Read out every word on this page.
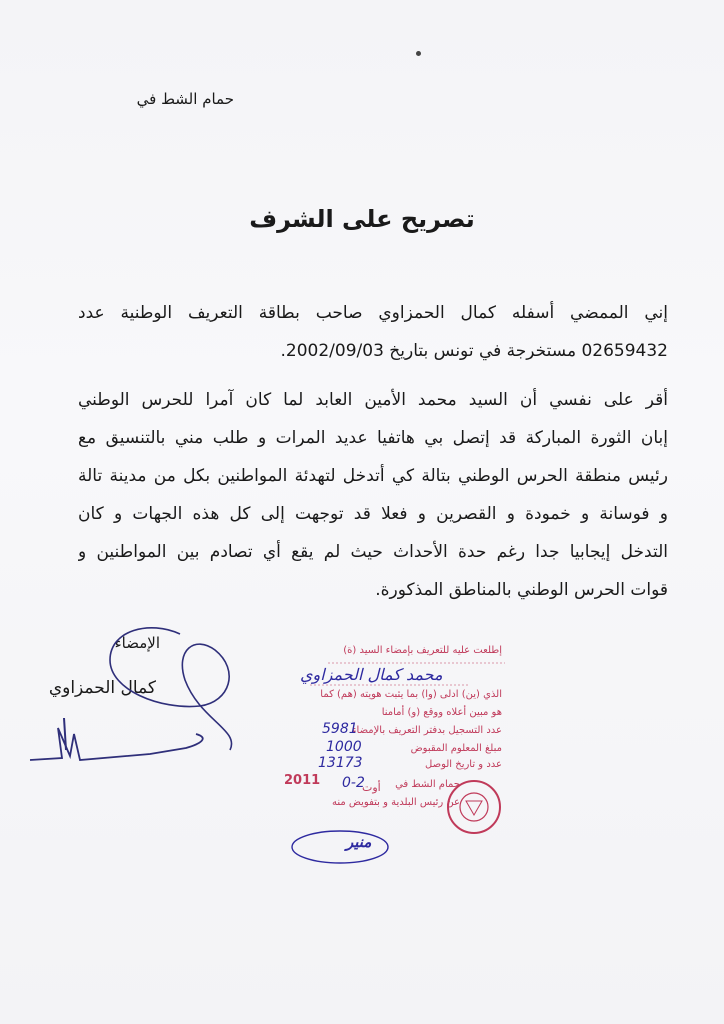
حمام الشط في
تصريح على الشرف
إني الممضي أسفله كمال الحمزاوي صاحب بطاقة التعريف الوطنية عدد
02659432 مستخرجة في تونس بتاريخ 2002/09/03.
أقر على نفسي أن السيد محمد الأمين العابد لما كان آمرا للحرس الوطني
إبان الثورة المباركة قد إتصل بي هاتفيا عديد المرات و طلب مني بالتنسيق مع
رئيس منطقة الحرس الوطني بتالة كي أتدخل لتهدئة المواطنين بكل من مدينة تالة
و فوسانة و خمودة و القصرين و فعلا قد توجهت إلى كل هذه الجهات و كان
التدخل إيجابيا جدا رغم حدة الأحداث حيث لم يقع أي تصادم بين المواطنين و
قوات الحرس الوطني بالمناطق المذكورة.
الإمضاء
كمال الحمزاوي
إطلعت عليه للتعريف بإمضاء السيد (ة)
الذي (ين) ادلى (وا) بما يثبت هويته (هم) كما
هو مبين أعلاه ووقع (و) أمامنا
عدد التسجيل بدفتر التعريف بالإمضاء
مبلغ المعلوم المقبوض
عدد و تاريخ الوصل
حمام الشط في
عن رئيس البلدية و بتفويض منه
2011	أوت
محمد كمال الحمزاوي
5981
1000
13173
0-2
منير
